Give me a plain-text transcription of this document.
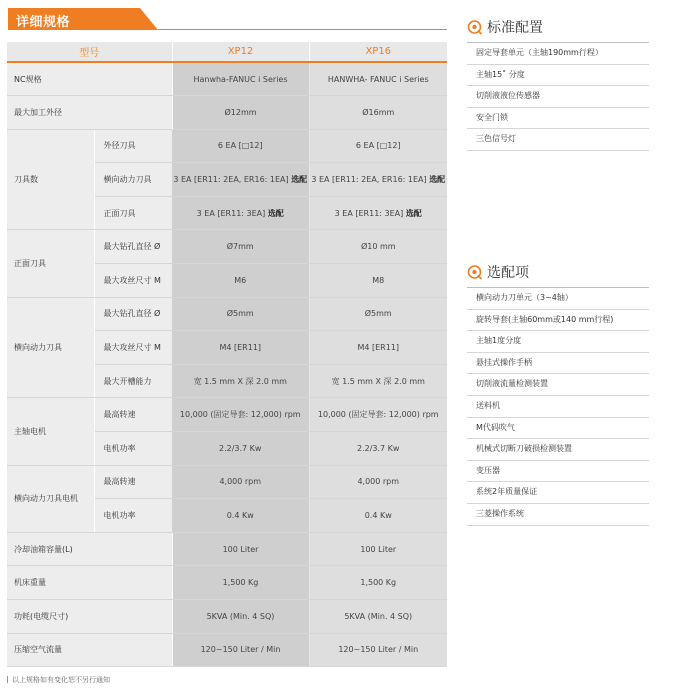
详细规格
型号		XP12	XP16
NC规格		Hanwha-FANUC i Series	HANWHA- FANUC i Series
最大加工外径		Ø12mm	Ø16mm
刀具数	外径刀具	6 EA [□12]	6 EA [□12]
	横向动力刀具	3 EA [ER11: 2EA, ER16: 1EA] 选配	3 EA [ER11: 2EA, ER16: 1EA] 选配
	正面刀具	3 EA [ER11: 3EA] 选配	3 EA [ER11: 3EA] 选配
正面刀具	最大钻孔直径 Ø	Ø7mm	Ø10 mm
	最大攻丝尺寸 M	M6	M8
横向动力刀具	最大钻孔直径 Ø	Ø5mm	Ø5mm
	最大攻丝尺寸 M	M4 [ER11]	M4 [ER11]
	最大开槽能力	宽 1.5 mm X 深 2.0 mm	宽 1.5 mm X 深 2.0 mm
主轴电机	最高转速	10,000 (固定导套: 12,000) rpm	10,000 (固定导套: 12,000) rpm
	电机功率	2.2/3.7 Kw	2.2/3.7 Kw
横向动力刀具电机	最高转速	4,000 rpm	4,000 rpm
	电机功率	0.4 Kw	0.4 Kw
冷却油箱容量(L)		100 Liter	100 Liter
机床重量		1,500 Kg	1,500 Kg
功耗(电缆尺寸)		5KVA (Min. 4 SQ)	5KVA (Min. 4 SQ)
压缩空气流量		120~150 Liter / Min	120~150 Liter / Min
以上规格如有变化恕不另行通知
标准配置
固定导套单元（主轴190mm行程）
主轴15˚ 分度
切削液液位传感器
安全门锁
三色信号灯
选配项
横向动力刀单元（3~4轴）
旋转导套(主轴60mm或140 mm行程)
主轴1度分度
悬挂式操作手柄
切削液流量检测装置
送料机
M代码吹气
机械式切断刀破损检测装置
变压器
系统2年质量保证
三菱操作系统
